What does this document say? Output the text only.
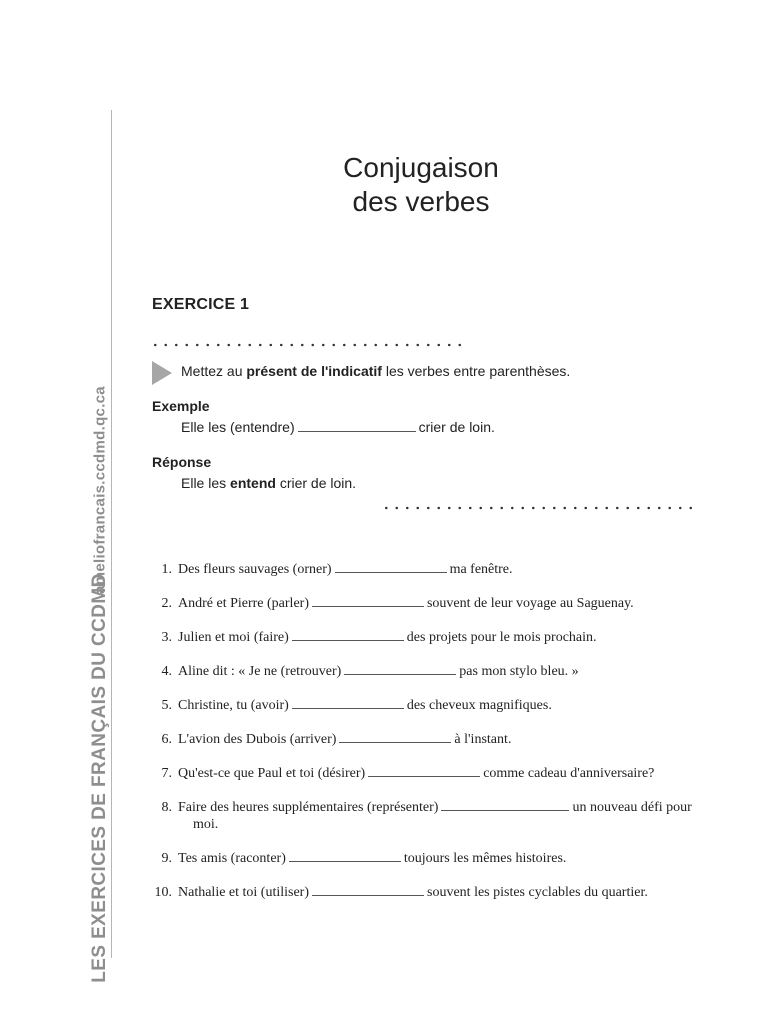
ameliofrancais.ccdmd.qc.ca
LES EXERCICES DE FRANÇAIS DU CCDMD
Conjugaison
des verbes
EXERCICE 1
Mettez au présent de l'indicatif les verbes entre parenthèses.
Exemple
Elle les (entendre)	crier de loin.
Réponse
Elle les entend crier de loin.
1. Des fleurs sauvages (orner)	ma fenêtre.
2. André et Pierre (parler)	souvent de leur voyage au Saguenay.
3. Julien et moi (faire)	des projets pour le mois prochain.
4. Aline dit : « Je ne (retrouver)	pas mon stylo bleu. »
5. Christine, tu (avoir)	des cheveux magnifiques.
6. L'avion des Dubois (arriver)	à l'instant.
7. Qu'est-ce que Paul et toi (désirer)	comme cadeau d'anniversaire?
8. Faire des heures supplémentaires (représenter)	un nouveau défi pour
moi.
9. Tes amis (raconter)	toujours les mêmes histoires.
10. Nathalie et toi (utiliser)	souvent les pistes cyclables du quartier.
